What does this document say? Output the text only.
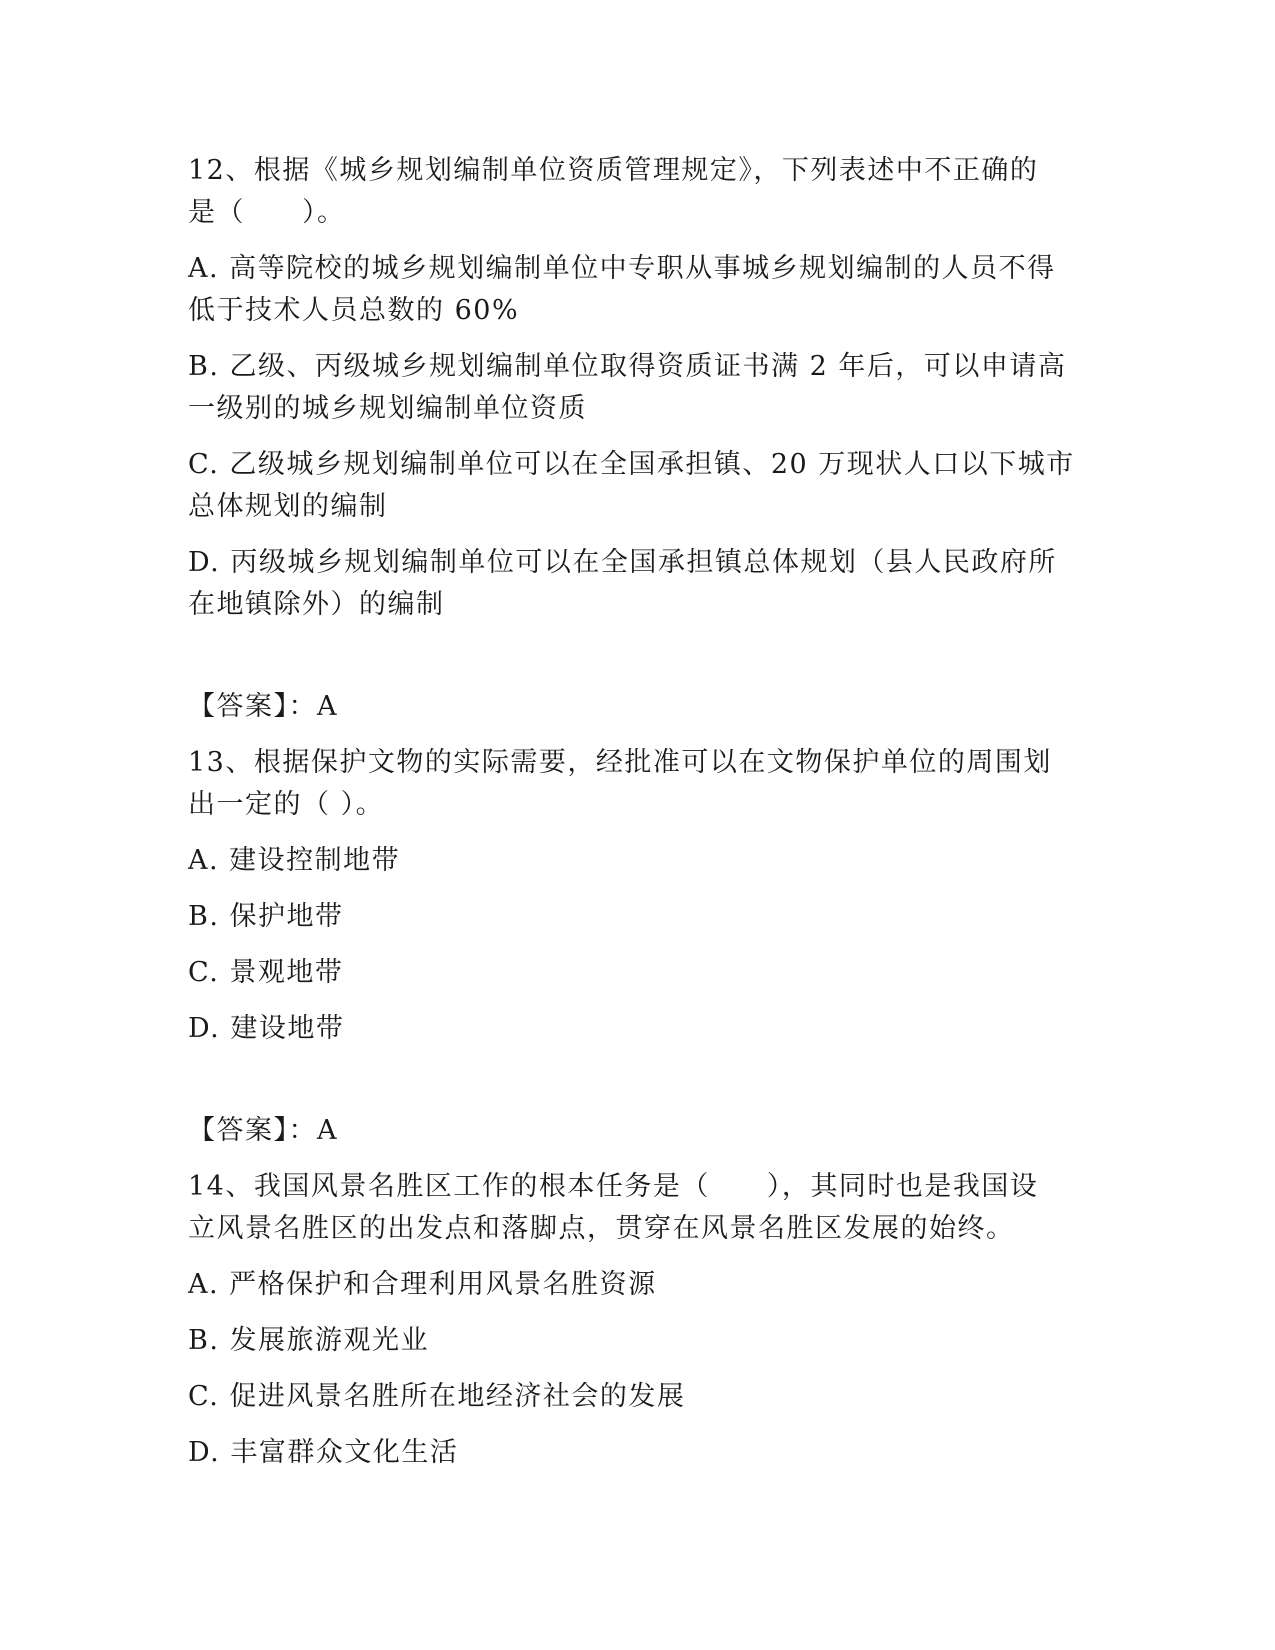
12、根据《城乡规划编制单位资质管理规定》，下列表述中不正确的
是（　　）。
A. 高等院校的城乡规划编制单位中专职从事城乡规划编制的人员不得
低于技术人员总数的 60%
B. 乙级、丙级城乡规划编制单位取得资质证书满 2 年后，可以申请高
一级别的城乡规划编制单位资质
C. 乙级城乡规划编制单位可以在全国承担镇、20 万现状人口以下城市
总体规划的编制
D. 丙级城乡规划编制单位可以在全国承担镇总体规划（县人民政府所
在地镇除外）的编制
【答案】：A
13、根据保护文物的实际需要，经批准可以在文物保护单位的周围划
出一定的（ ）。
A. 建设控制地带
B. 保护地带
C. 景观地带
D. 建设地带
【答案】：A
14、我国风景名胜区工作的根本任务是（　　），其同时也是我国设
立风景名胜区的出发点和落脚点，贯穿在风景名胜区发展的始终。
A. 严格保护和合理利用风景名胜资源
B. 发展旅游观光业
C. 促进风景名胜所在地经济社会的发展
D. 丰富群众文化生活
